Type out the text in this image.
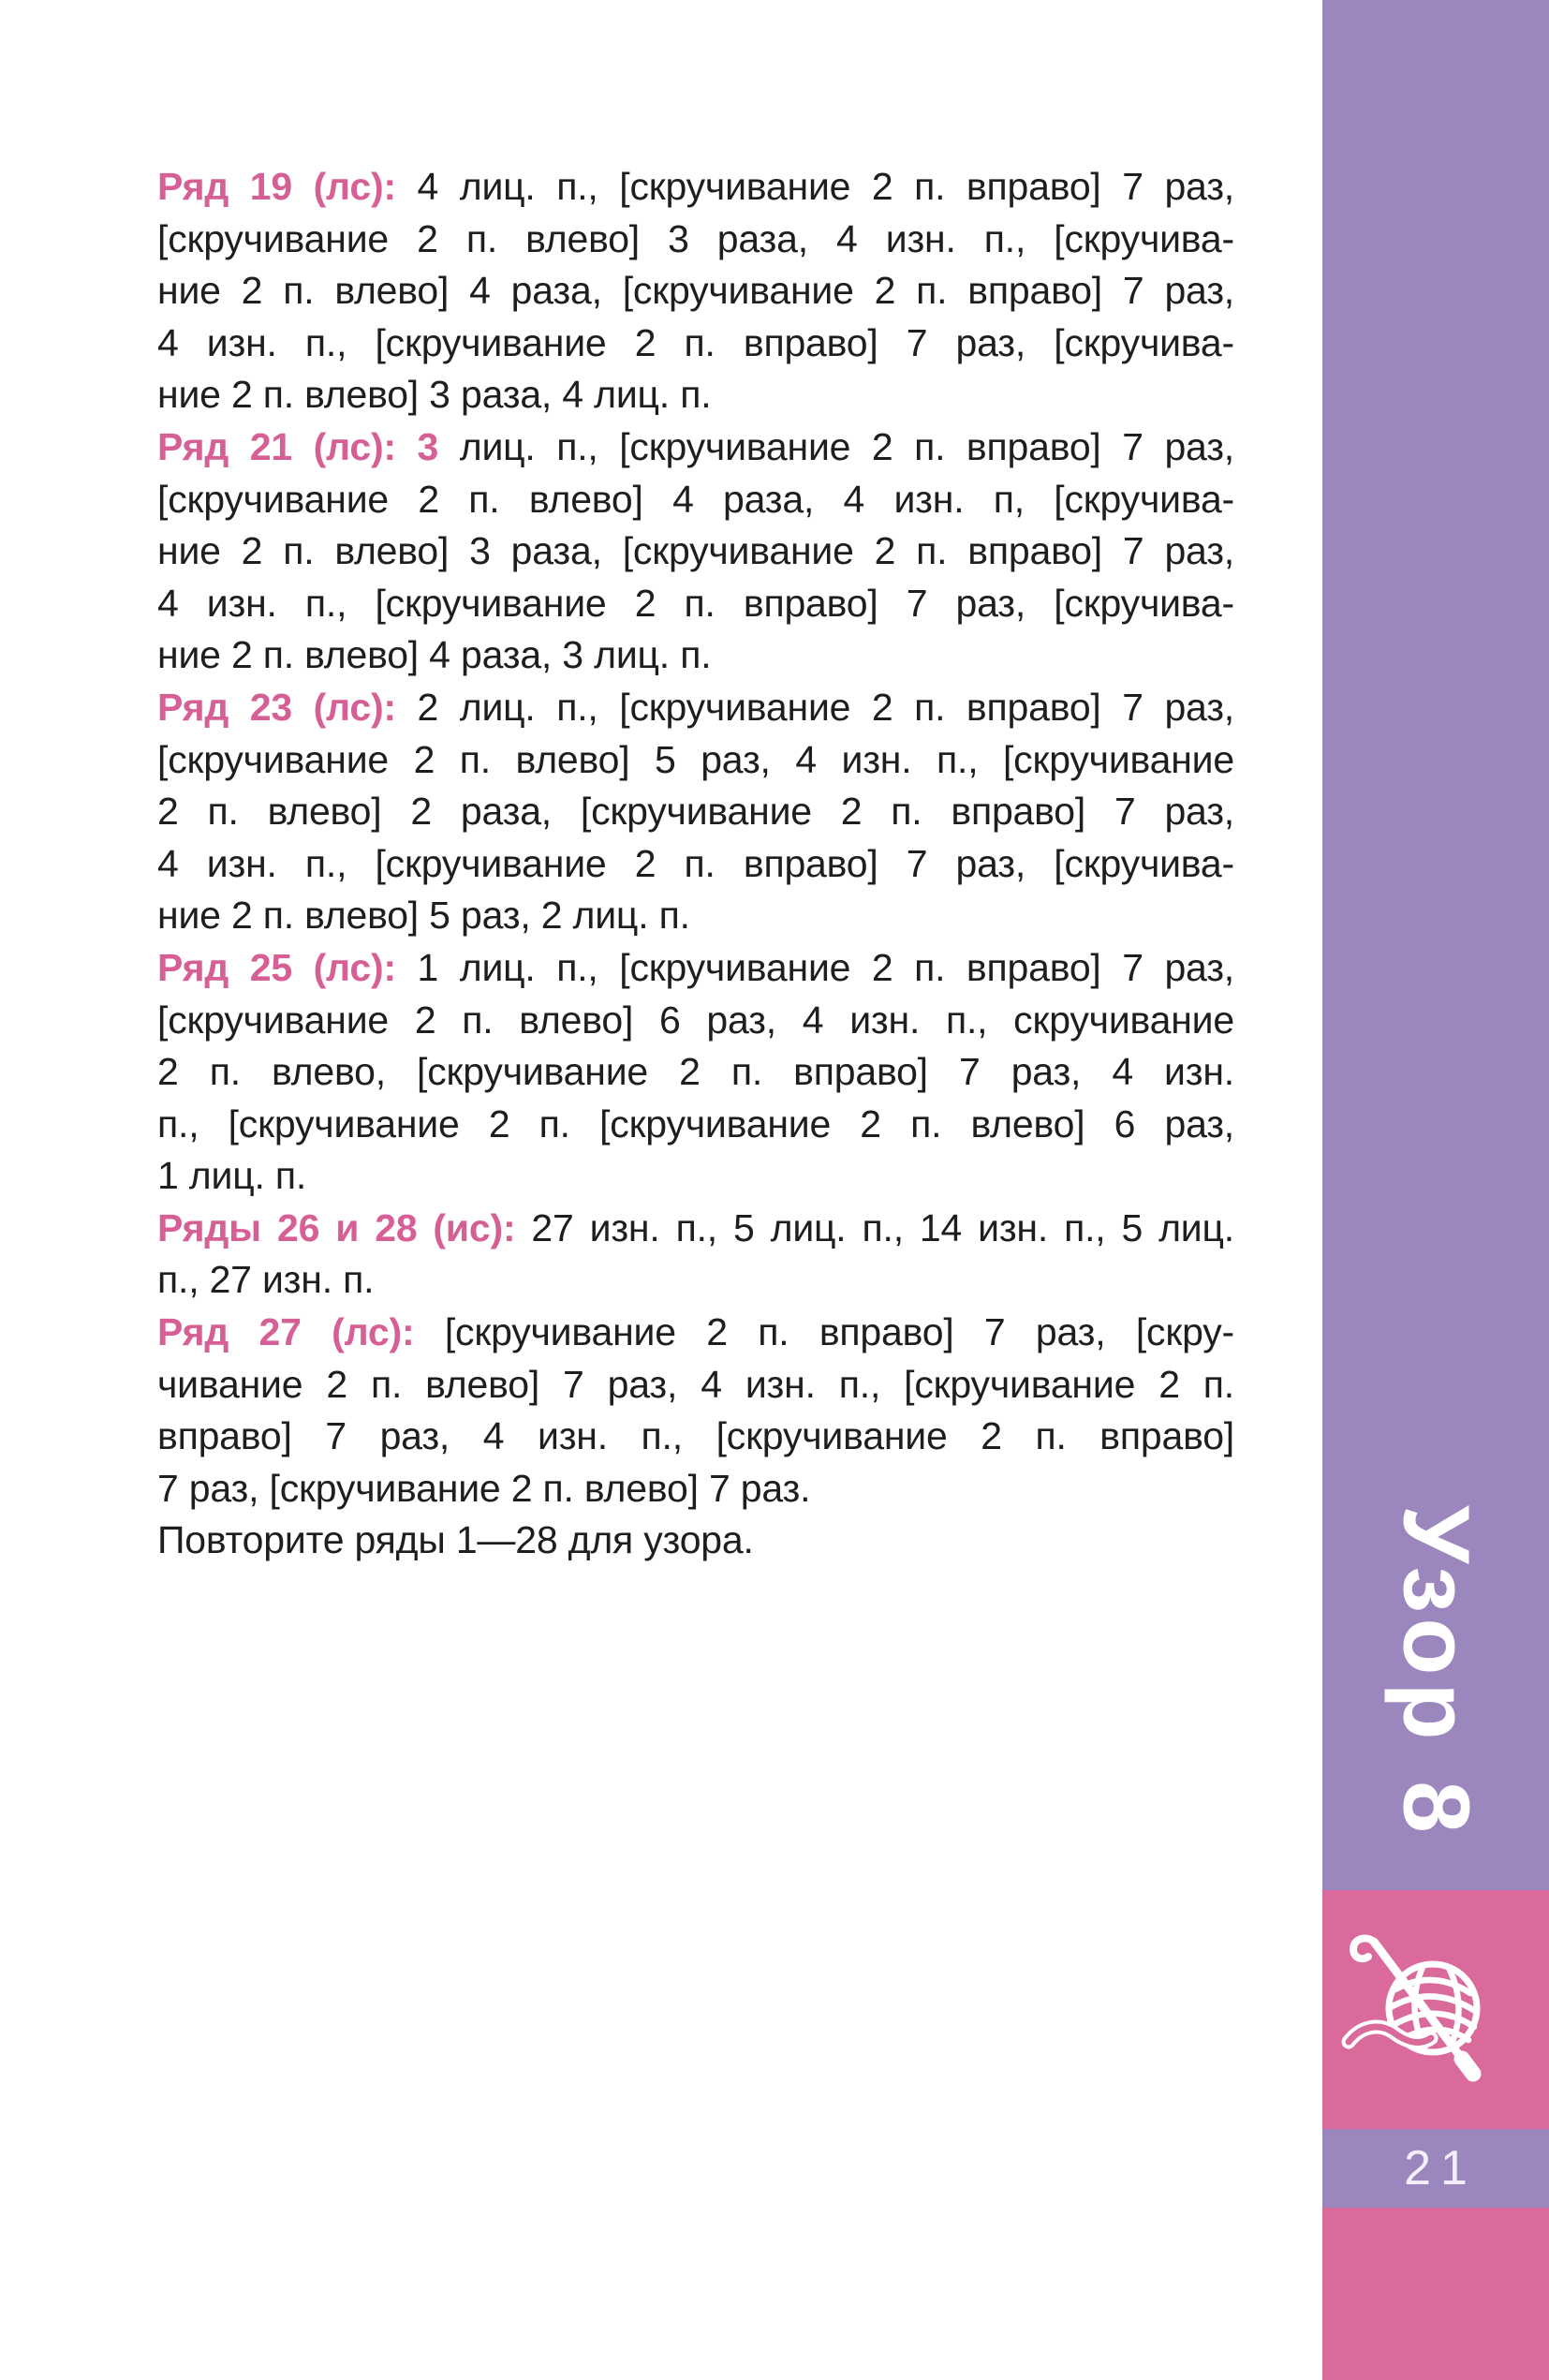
Ряд 19 (лс): 4 лиц. п., [скручивание 2 п. вправо] 7 раз,
[скручивание 2 п. влево] 3 раза, 4 изн. п., [скручива-
ние 2 п. влево] 4 раза, [скручивание 2 п. вправо] 7 раз,
4 изн. п., [скручивание 2 п. вправо] 7 раз, [скручива-
ние 2 п. влево] 3 раза, 4 лиц. п.
Ряд 21 (лс): 3 лиц. п., [скручивание 2 п. вправо] 7 раз,
[скручивание 2 п. влево] 4 раза, 4 изн. п, [скручива-
ние 2 п. влево] 3 раза, [скручивание 2 п. вправо] 7 раз,
4 изн. п., [скручивание 2 п. вправо] 7 раз, [скручива-
ние 2 п. влево] 4 раза, 3 лиц. п.
Ряд 23 (лс): 2 лиц. п., [скручивание 2 п. вправо] 7 раз,
[скручивание 2 п. влево] 5 раз, 4 изн. п., [скручивание
2 п. влево] 2 раза, [скручивание 2 п. вправо] 7 раз,
4 изн. п., [скручивание 2 п. вправо] 7 раз, [скручива-
ние 2 п. влево] 5 раз, 2 лиц. п.
Ряд 25 (лс): 1 лиц. п., [скручивание 2 п. вправо] 7 раз,
[скручивание 2 п. влево] 6 раз, 4 изн. п., скручивание
2 п. влево, [скручивание 2 п. вправо] 7 раз, 4 изн.
п., [скручивание 2 п. [скручивание 2 п. влево] 6 раз,
1 лиц. п.
Ряды 26 и 28 (ис): 27 изн. п., 5 лиц. п., 14 изн. п., 5 лиц.
п., 27 изн. п.
Ряд 27 (лс): [скручивание 2 п. вправо] 7 раз, [скру-
чивание 2 п. влево] 7 раз, 4 изн. п., [скручивание 2 п.
вправо] 7 раз, 4 изн. п., [скручивание 2 п. вправо]
7 раз, [скручивание 2 п. влево] 7 раз.
Повторите ряды 1—28 для узора.	Узор 8
21
